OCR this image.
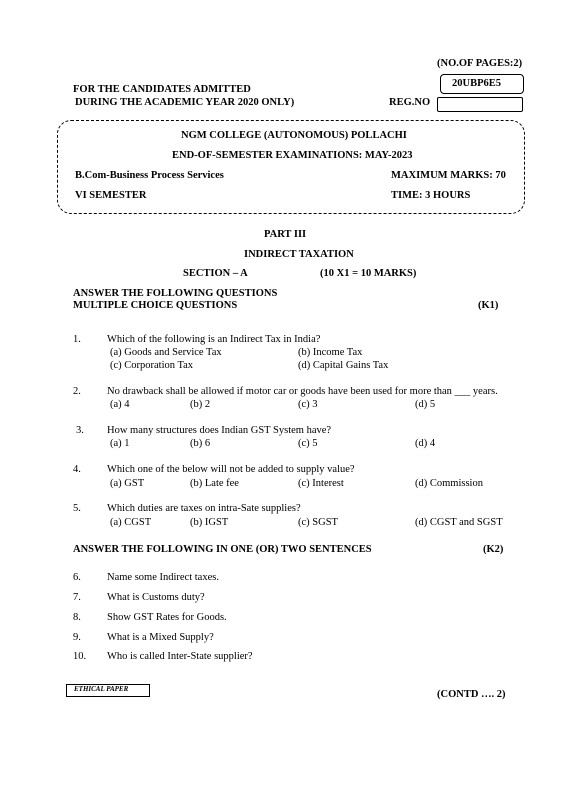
(NO.OF PAGES:2)
20UBP6E5
FOR THE CANDIDATES ADMITTED
DURING THE ACADEMIC YEAR 2020 ONLY)	REG.NO
NGM COLLEGE (AUTONOMOUS) POLLACHI
END-OF-SEMESTER EXAMINATIONS: MAY-2023
B.Com-Business Process Services	MAXIMUM MARKS: 70
VI SEMESTER	TIME: 3 HOURS
PART III
INDIRECT TAXATION
SECTION – A	(10 X1 = 10 MARKS)
ANSWER THE FOLLOWING QUESTIONS
MULTIPLE CHOICE QUESTIONS	(K1)
1. Which of the following is an Indirect Tax in India?
(a) Goods and Service Tax	(b) Income Tax
(c) Corporation Tax	(d) Capital Gains Tax
2. No drawback shall be allowed if motor car or goods have been used for more than ___ years.
(a) 4	(b) 2	(c) 3	(d) 5
3. How many structures does Indian GST System have?
(a) 1	(b) 6	(c) 5	(d) 4
4. Which one of the below will not be added to supply value?
(a) GST	(b) Late fee	(c) Interest	(d) Commission
5. Which duties are taxes on intra-Sate supplies?
(a) CGST	(b) IGST	(c) SGST	(d) CGST and SGST
ANSWER THE FOLLOWING IN ONE (OR) TWO SENTENCES	(K2)
6. Name some Indirect taxes.
7. What is Customs duty?
8. Show GST Rates for Goods.
9. What is a Mixed Supply?
10. Who is called Inter-State supplier?
ETHICAL PAPER	(CONTD …. 2)
